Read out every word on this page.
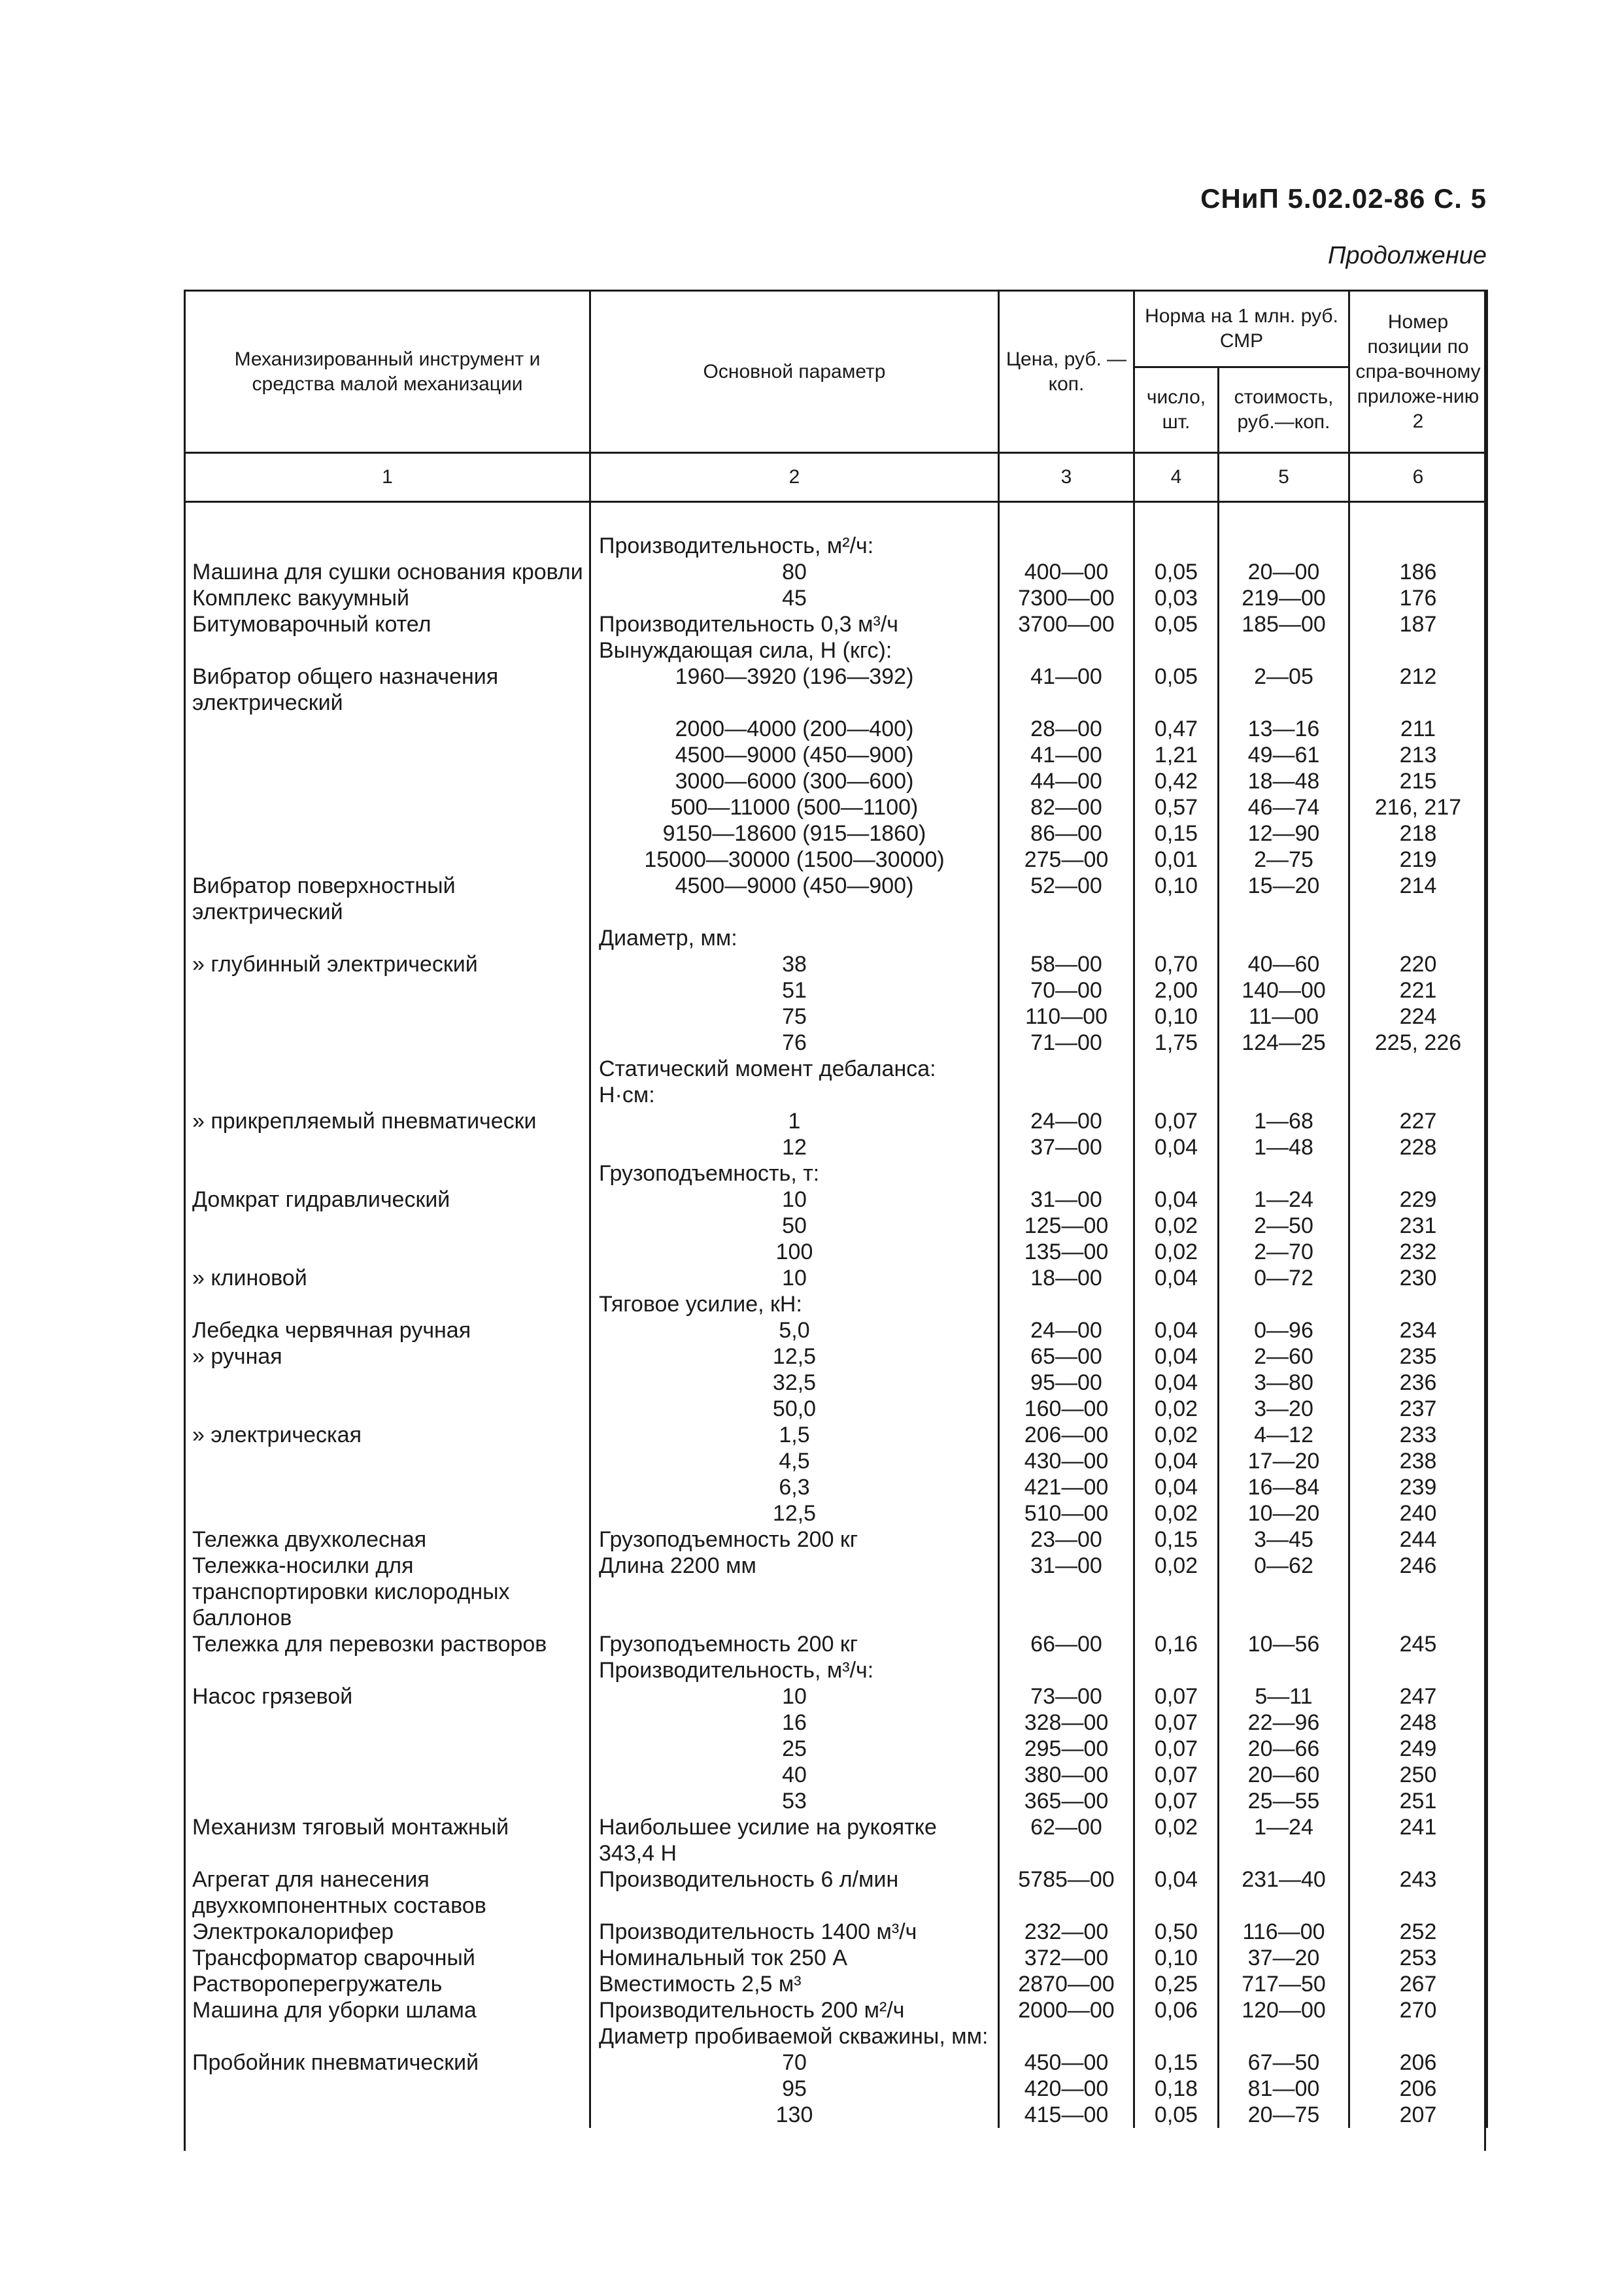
СНиП 5.02.02-86 С. 5
Продолжение
Механизированный инструмент и средства малой механизации	Основной параметр	Цена, руб. — коп.	Норма на 1 млн. руб. СМР		Номер позиции по спра-вочному приложе-нию 2
			число, шт.	стоимость, руб.—коп.	
1	2	3	4	5	6

	Производительность, м²/ч:				
Машина для сушки основания кровли	80	400—00	0,05	20—00	186
Комплекс вакуумный	45	7300—00	0,03	219—00	176
Битумоварочный котел	Производительность 0,3 м³/ч	3700—00	0,05	185—00	187
	Вынуждающая сила, Н (кгс):				
Вибратор общего назначения электрический	1960—3920 (196—392)	41—00	0,05	2—05	212
	2000—4000 (200—400)	28—00	0,47	13—16	211
	4500—9000 (450—900)	41—00	1,21	49—61	213
	3000—6000 (300—600)	44—00	0,42	18—48	215
	500—11000 (500—1100)	82—00	0,57	46—74	216, 217
	9150—18600 (915—1860)	86—00	0,15	12—90	218
	15000—30000 (1500—30000)	275—00	0,01	2—75	219
Вибратор поверхностный электрический	4500—9000 (450—900)	52—00	0,10	15—20	214
	Диаметр, мм:				
» глубинный электрический	38	58—00	0,70	40—60	220
	51	70—00	2,00	140—00	221
	75	110—00	0,10	11—00	224
	76	71—00	1,75	124—25	225, 226
	Статический момент дебаланса: Н·см:				
» прикрепляемый пневматически	1	24—00	0,07	1—68	227
	12	37—00	0,04	1—48	228
	Грузоподъемность, т:				
Домкрат гидравлический	10	31—00	0,04	1—24	229
	50	125—00	0,02	2—50	231
	100	135—00	0,02	2—70	232
» клиновой	10	18—00	0,04	0—72	230
	Тяговое усилие, кН:				
Лебедка червячная ручная	5,0	24—00	0,04	0—96	234
» ручная	12,5	65—00	0,04	2—60	235
	32,5	95—00	0,04	3—80	236
	50,0	160—00	0,02	3—20	237
» электрическая	1,5	206—00	0,02	4—12	233
	4,5	430—00	0,04	17—20	238
	6,3	421—00	0,04	16—84	239
	12,5	510—00	0,02	10—20	240
Тележка двухколесная	Грузоподъемность 200 кг	23—00	0,15	3—45	244
Тележка-носилки для транспортировки кислородных баллонов	Длина 2200 мм	31—00	0,02	0—62	246
Тележка для перевозки растворов	Грузоподъемность 200 кг	66—00	0,16	10—56	245
	Производительность, м³/ч:				
Насос грязевой	10	73—00	0,07	5—11	247
	16	328—00	0,07	22—96	248
	25	295—00	0,07	20—66	249
	40	380—00	0,07	20—60	250
	53	365—00	0,07	25—55	251
Механизм тяговый монтажный	Наибольшее усилие на рукоятке 343,4 Н	62—00	0,02	1—24	241
Агрегат для нанесения двухкомпонентных составов	Производительность 6 л/мин	5785—00	0,04	231—40	243
Электрокалорифер	Производительность 1400 м³/ч	232—00	0,50	116—00	252
Трансформатор сварочный	Номинальный ток 250 А	372—00	0,10	37—20	253
Растворoперегружатель	Вместимость 2,5 м³	2870—00	0,25	717—50	267
Машина для уборки шлама	Производительность 200 м²/ч	2000—00	0,06	120—00	270
	Диаметр пробиваемой скважины, мм:				
Пробойник пневматический	70	450—00	0,15	67—50	206
	95	420—00	0,18	81—00	206
	130	415—00	0,05	20—75	207
